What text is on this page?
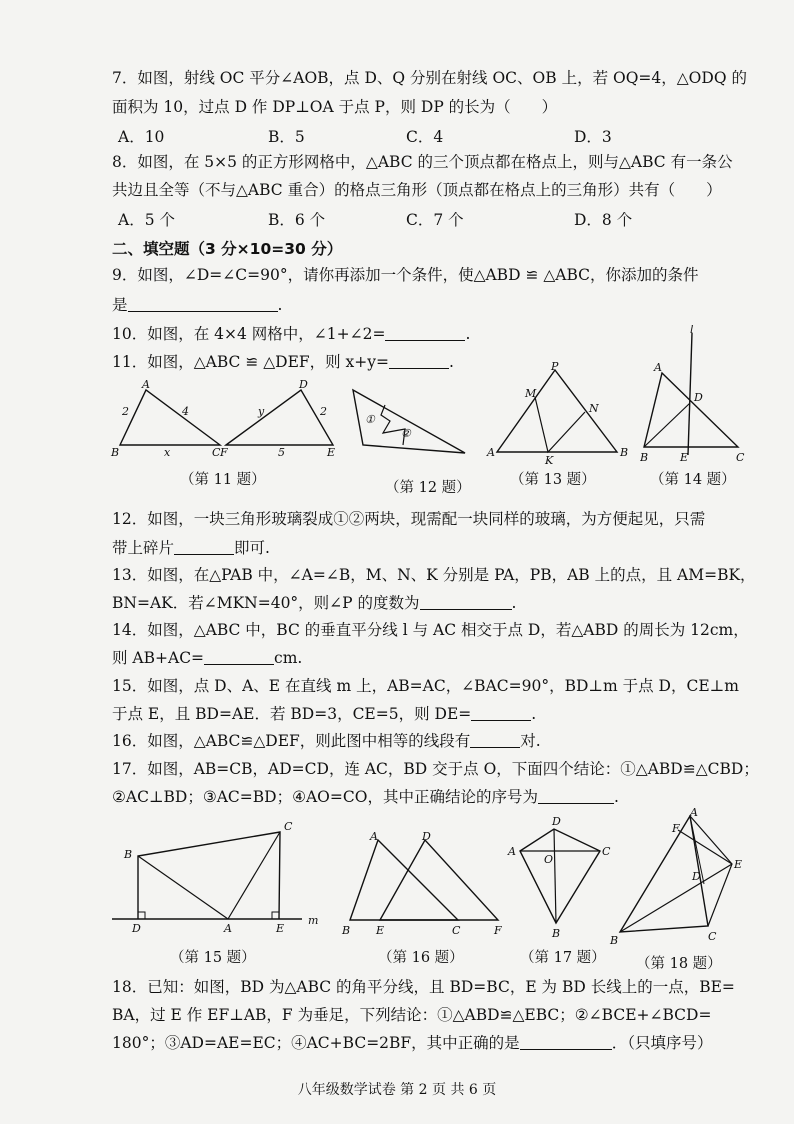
7．如图，射线 OC 平分∠AOB，点 D、Q 分别在射线 OC、OB 上，若 OQ=4，△ODQ 的
面积为 10，过点 D 作 DP⊥OA 于点 P，则 DP 的长为（　　）
A．10	B．5	C．4	D．3
8．如图，在 5×5 的正方形网格中，△ABC 的三个顶点都在格点上，则与△ABC 有一条公
共边且全等（不与△ABC 重合）的格点三角形（顶点都在格点上的三角形）共有（　　）
A．5 个	B．6 个	C．7 个	D．8 个
二、填空题（3 分×10=30 分）
9．如图，∠D=∠C=90°，请你再添加一个条件，使△ABD ≌ △ABC，你添加的条件
是	.
10．如图，在 4×4 网格中，∠1+∠2=	.
11．如图，△ABC ≌ △DEF，则 x+y=	.
A
B	C
2	4
x
D
F	E
y	2
5
（第 11 题）
①
②
（第 12 题）
P
M
N
A
K
B
（第 13 题）
l
A
D
B	E	C
（第 14 题）
12．如图，一块三角形玻璃裂成①②两块，现需配一块同样的玻璃，为方便起见，只需
带上碎片	即可.
13．如图，在△PAB 中，∠A=∠B，M、N、K 分别是 PA，PB，AB 上的点，且 AM=BK，
BN=AK．若∠MKN=40°，则∠P 的度数为	.
14．如图，△ABC 中，BC 的垂直平分线 l 与 AC 相交于点 D，若△ABD 的周长为 12cm，
则 AB+AC=	cm.
15．如图，点 D、A、E 在直线 m 上，AB=AC，∠BAC=90°，BD⊥m 于点 D，CE⊥m
于点 E，且 BD=AE．若 BD=3，CE=5，则 DE=	.
16．如图，△ABC≌△DEF，则此图中相等的线段有	对.
17．如图，AB=CB，AD=CD，连 AC，BD 交于点 O，下面四个结论：①△ABD≌△CBD；
②AC⊥BD；③AC=BD；④AO=CO，其中正确结论的序号为	.
C
B
D	A	E
m
（第 15 题）
A	D
B E	C	F
（第 16 题）
D
A
O
C
B
（第 17 题）
A
F
E
D
B	C
（第 18 题）
18．已知：如图，BD 为△ABC 的角平分线，且 BD=BC，E 为 BD 长线上的一点，BE=
BA，过 E 作 EF⊥AB，F 为垂足，下列结论：①△ABD≌△EBC；②∠BCE+∠BCD=
180°；③AD=AE=EC；④AC+BC=2BF，其中正确的是	．（只填序号）
八年级数学试卷 第 2 页 共 6 页
